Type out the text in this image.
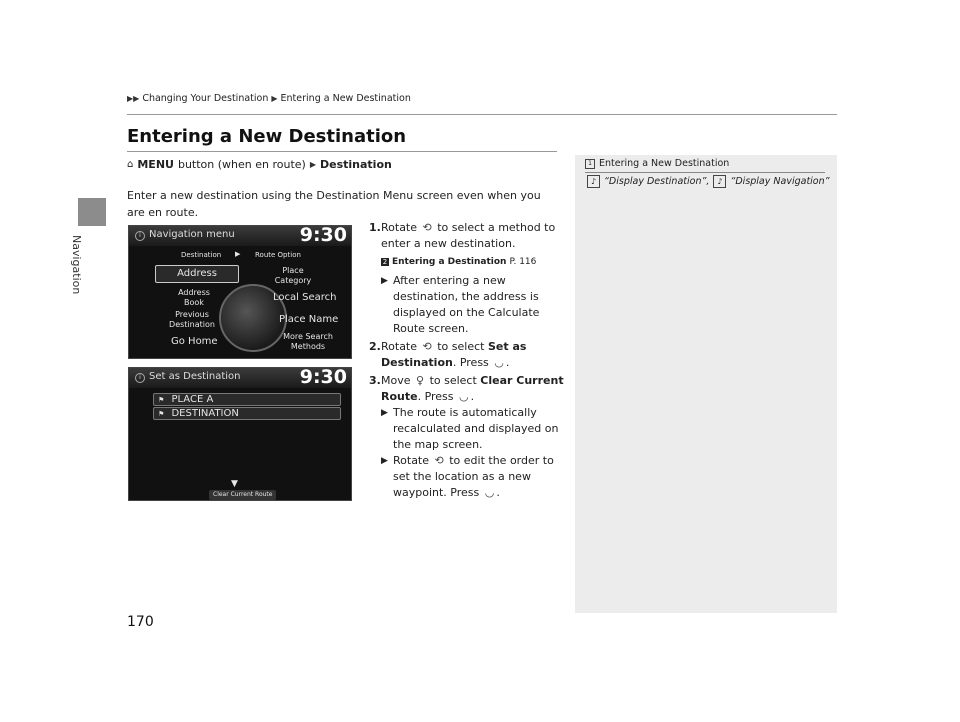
Navigation
▶▶ Changing Your Destination ▶ Entering a New Destination
Entering a New Destination
⌂ MENU button (when en route) ▶ Destination
Enter a new destination using the Destination Menu screen even when you are en route.
1 Entering a New Destination
♪ “Display Destination”, ♪ “Display Navigation”
1. Rotate ⟲ to select a method to enter a new destination.
2 Entering a Destination P. 116
▶ After entering a new destination, the address is displayed on the Calculate Route screen.
2. Rotate ⟲ to select Set as Destination. Press ◡ .
3. Move ♀ to select Clear Current Route. Press ◡ .
▶ The route is automatically recalculated and displayed on the map screen.
▶ Rotate ⟲ to edit the order to set the location as a new waypoint. Press ◡ .
i Navigation menu	9:30
Destination ▶ Route Option
Address	Place Category
Address Book	Local Search
Previous Destination	Place Name
Go Home	More Search Methods
i Set as Destination	9:30
⚑ PLACE A
⚑ DESTINATION
▼
Clear Current Route
170
